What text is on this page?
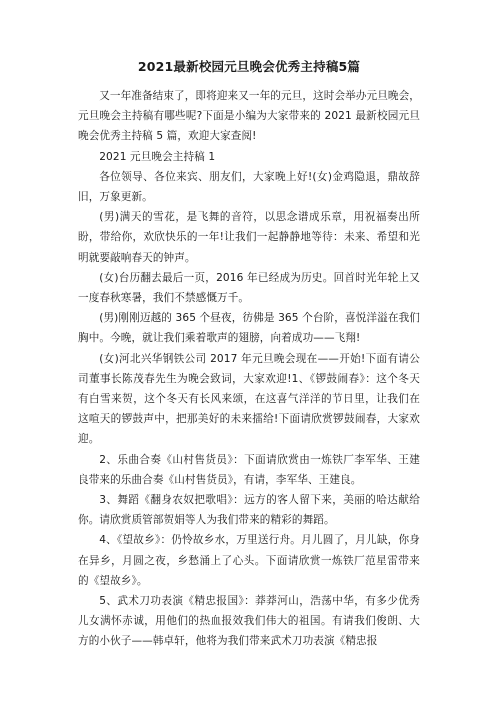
2021最新校园元旦晚会优秀主持稿5篇

又一年准备结束了，即将迎来又一年的元旦，这时会举办元旦晚会，元旦晚会主持稿有哪些呢?下面是小编为大家带来的 2021 最新校园元旦晚会优秀主持稿 5 篇，欢迎大家查阅!

2021 元旦晚会主持稿 1

各位领导、各位来宾、朋友们，大家晚上好!(女)金鸡隐退，鼎故辞旧，万象更新。

(男)满天的雪花，是飞舞的音符，以思念谱成乐章，用祝福奏出所盼，带给你，欢欣快乐的一年!让我们一起静静地等待：未来、希望和光明就要敲响春天的钟声。

(女)台历翻去最后一页，2016 年已经成为历史。回首时光年轮上又一度春秋寒暑，我们不禁感慨万千。

(男)刚刚迈越的 365 个昼夜，彷佛是 365 个台阶，喜悦洋溢在我们胸中。今晚，就让我们乘着歌声的翅膀，向着成功——飞翔!

(女)河北兴华钢铁公司 2017 年元旦晚会现在——开始!下面有请公司董事长陈茂春先生为晚会致词，大家欢迎!1、《锣鼓闹春》：这个冬天有白雪来贺，这个冬天有长风来颂，在这喜气洋洋的节日里，让我们在这喧天的锣鼓声中，把那美好的未来擂给!下面请欣赏锣鼓闹春，大家欢迎。

2、乐曲合奏《山村售货员》：下面请欣赏由一炼铁厂李军华、王建良带来的乐曲合奏《山村售货员》，有请，李军华、王建良。

3、舞蹈《翻身农奴把歌唱》：远方的客人留下来，美丽的哈达献给你。请欣赏质管部贺娟等人为我们带来的精彩的舞蹈。

4、《望故乡》：仍怜故乡水，万里送行舟。月儿圆了，月儿缺，你身在异乡，月圆之夜，乡愁涌上了心头。下面请欣赏一炼铁厂范星雷带来的《望故乡》。

5、武术刀功表演《精忠报国》：莽莽河山，浩荡中华，有多少优秀儿女满怀赤诚，用他们的热血报效我们伟大的祖国。有请我们俊朗、大方的小伙子——韩卓轩，他将为我们带来武术刀功表演《精忠报
